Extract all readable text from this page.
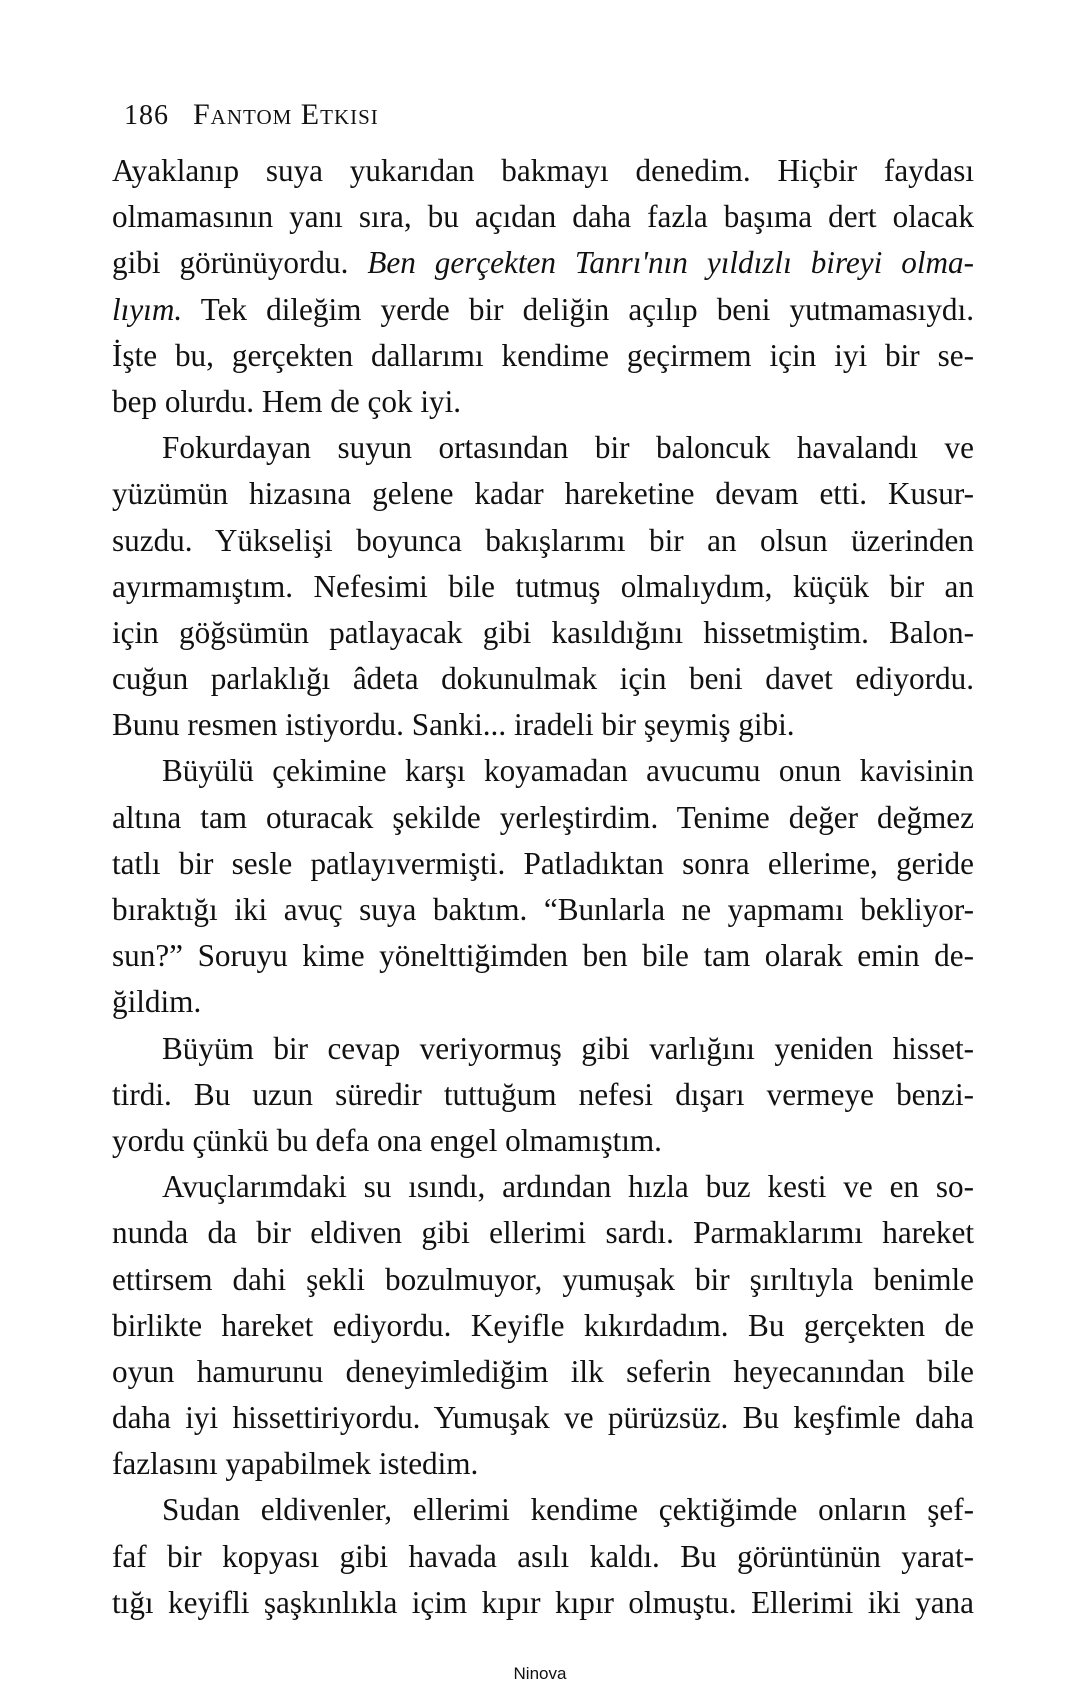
186 Fantom Etkisi
Ayaklanıp suya yukarıdan bakmayı denedim. Hiçbir faydası
olmamasının yanı sıra, bu açıdan daha fazla başıma dert olacak
gibi görünüyordu. Ben gerçekten Tanrı'nın yıldızlı bireyi olma-
lıyım. Tek dileğim yerde bir deliğin açılıp beni yutmamasıydı.
İşte bu, gerçekten dallarımı kendime geçirmem için iyi bir se-
bep olurdu. Hem de çok iyi.
Fokurdayan suyun ortasından bir baloncuk havalandı ve
yüzümün hizasına gelene kadar hareketine devam etti. Kusur-
suzdu. Yükselişi boyunca bakışlarımı bir an olsun üzerinden
ayırmamıştım. Nefesimi bile tutmuş olmalıydım, küçük bir an
için göğsümün patlayacak gibi kasıldığını hissetmiştim. Balon-
cuğun parlaklığı âdeta dokunulmak için beni davet ediyordu.
Bunu resmen istiyordu. Sanki... iradeli bir şeymiş gibi.
Büyülü çekimine karşı koyamadan avucumu onun kavisinin
altına tam oturacak şekilde yerleştirdim. Tenime değer değmez
tatlı bir sesle patlayıvermişti. Patladıktan sonra ellerime, geride
bıraktığı iki avuç suya baktım. “Bunlarla ne yapmamı bekliyor-
sun?” Soruyu kime yönelttiğimden ben bile tam olarak emin de-
ğildim.
Büyüm bir cevap veriyormuş gibi varlığını yeniden hisset-
tirdi. Bu uzun süredir tuttuğum nefesi dışarı vermeye benzi-
yordu çünkü bu defa ona engel olmamıştım.
Avuçlarımdaki su ısındı, ardından hızla buz kesti ve en so-
nunda da bir eldiven gibi ellerimi sardı. Parmaklarımı hareket
ettirsem dahi şekli bozulmuyor, yumuşak bir şırıltıyla benimle
birlikte hareket ediyordu. Keyifle kıkırdadım. Bu gerçekten de
oyun hamurunu deneyimlediğim ilk seferin heyecanından bile
daha iyi hissettiriyordu. Yumuşak ve pürüzsüz. Bu keşfimle daha
fazlasını yapabilmek istedim.
Sudan eldivenler, ellerimi kendime çektiğimde onların şef-
faf bir kopyası gibi havada asılı kaldı. Bu görüntünün yarat-
tığı keyifli şaşkınlıkla içim kıpır kıpır olmuştu. Ellerimi iki yana
Ninova
